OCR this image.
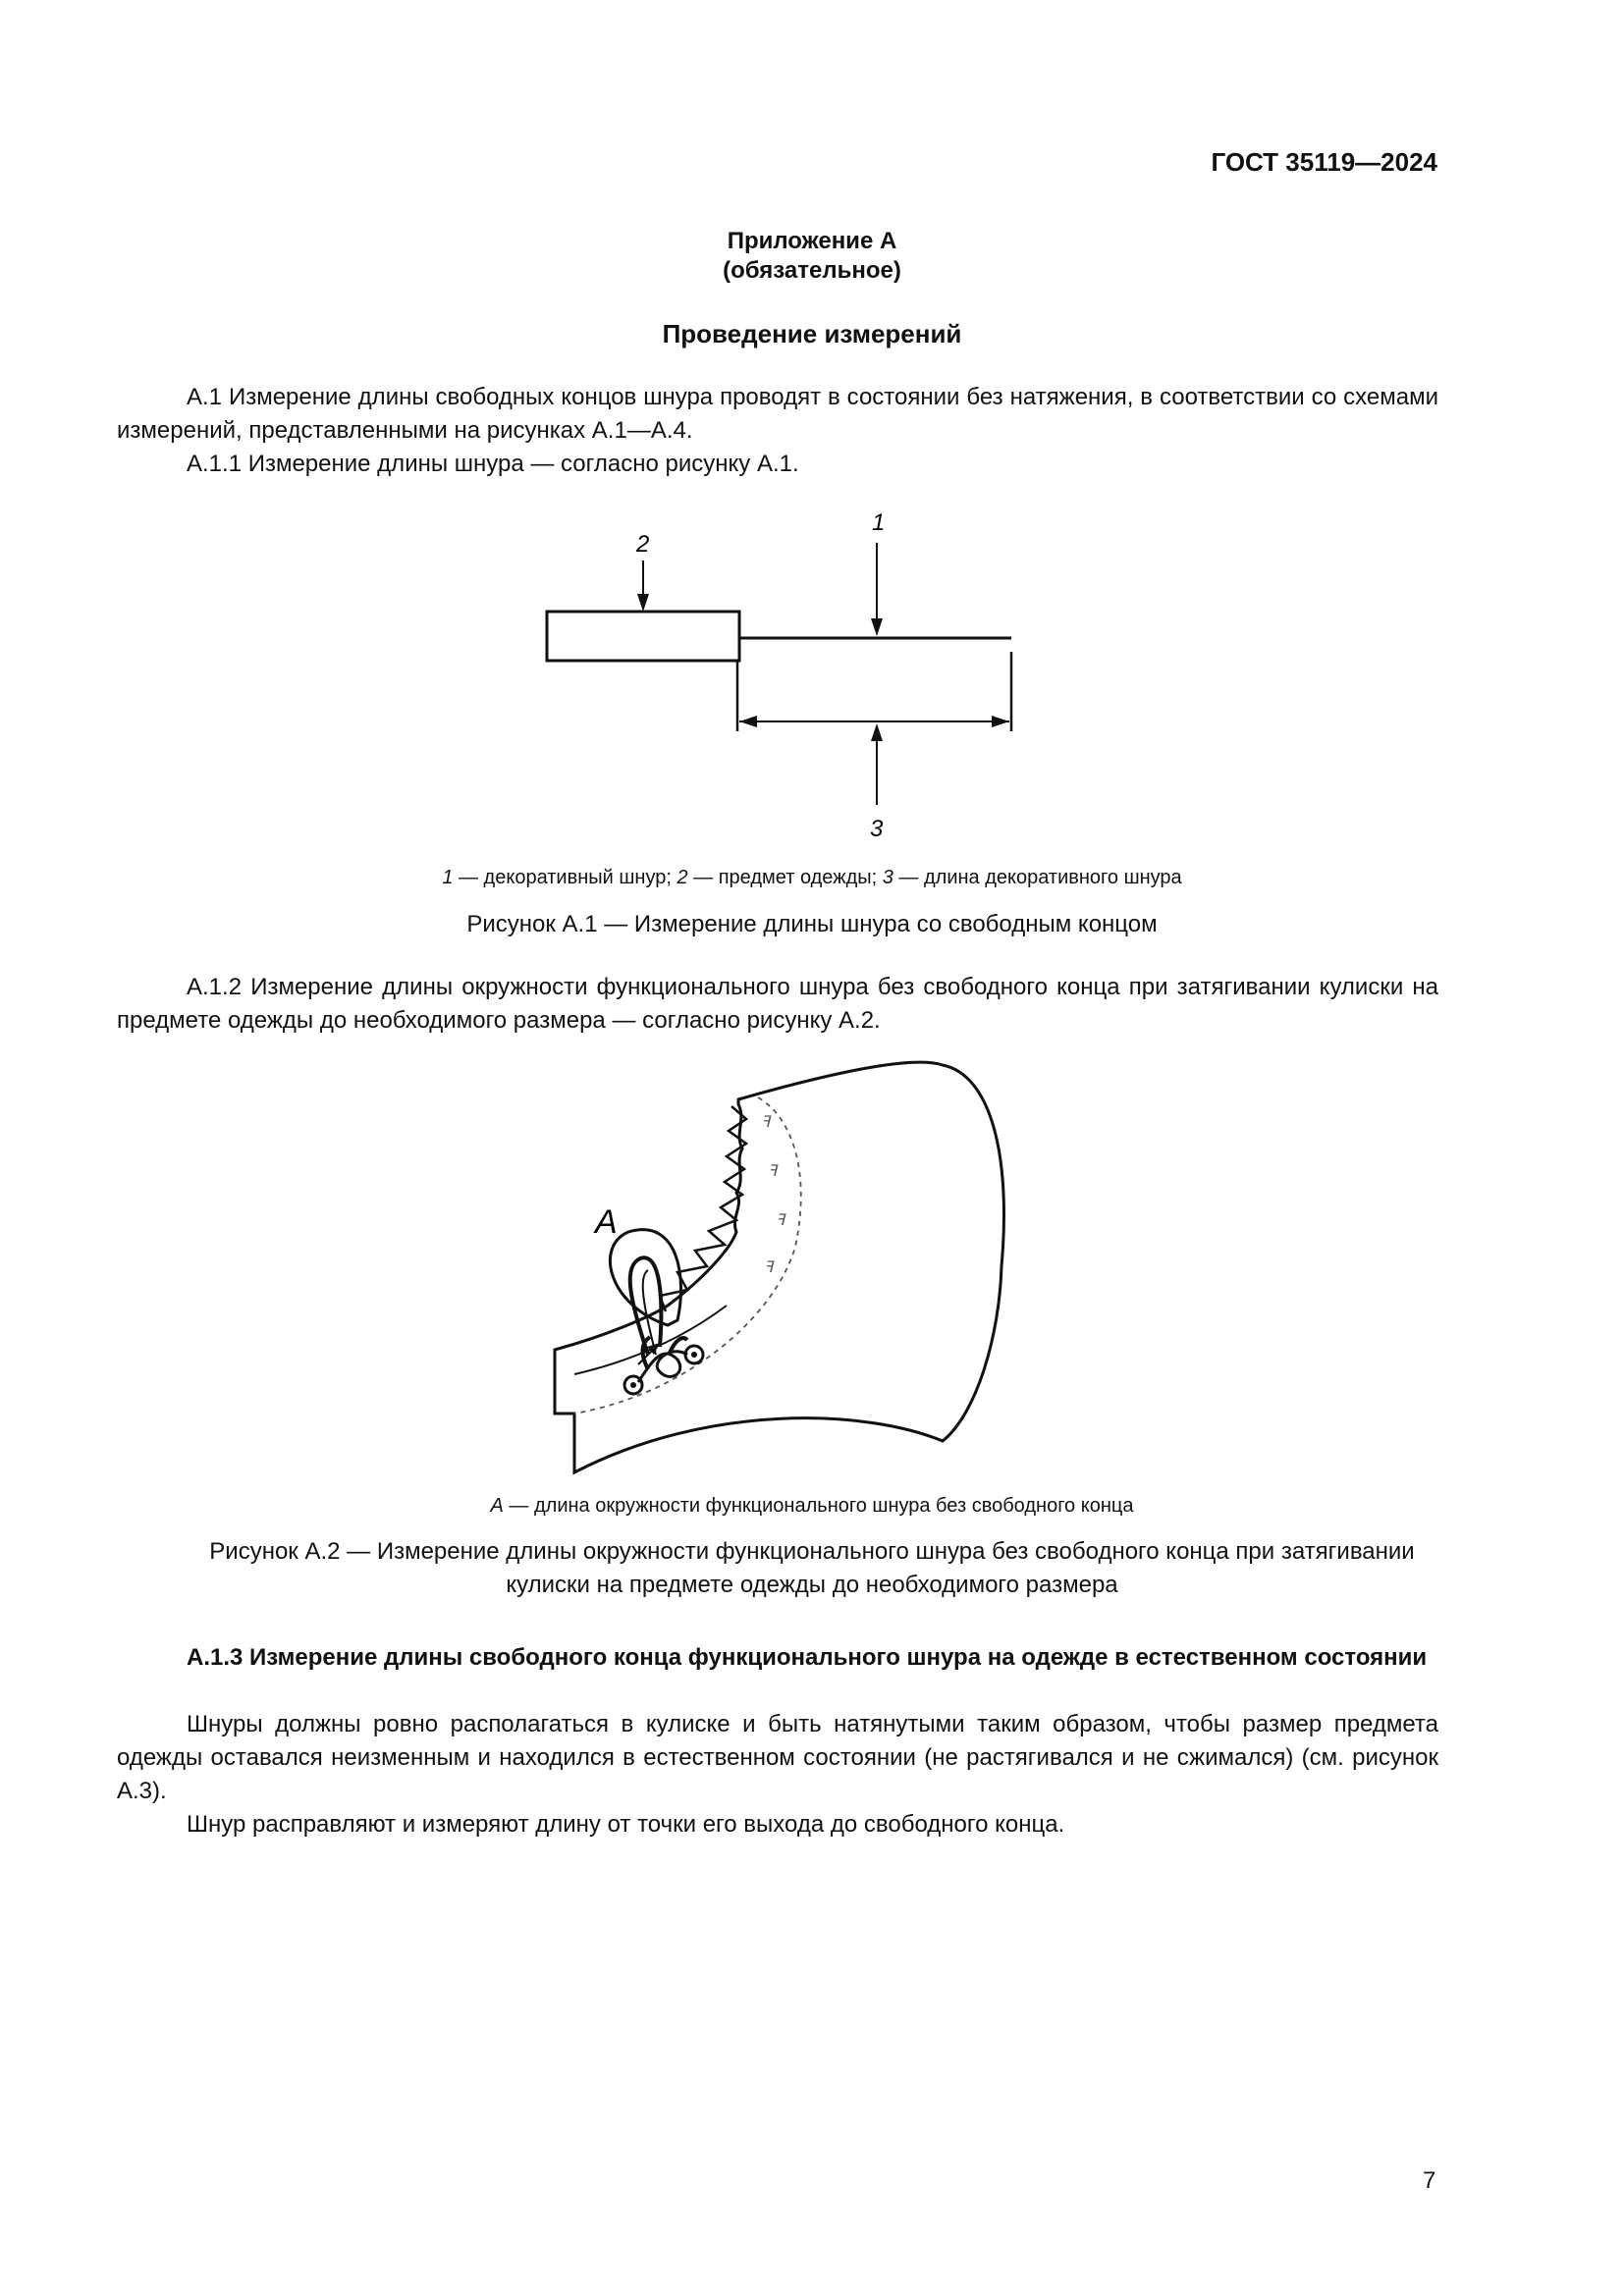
ГОСТ 35119—2024
Приложение А
(обязательное)
Проведение измерений
А.1 Измерение длины свободных концов шнура проводят в состоянии без натяжения, в соответствии со схемами измерений, представленными на рисунках А.1—А.4.
А.1.1 Измерение длины шнура — согласно рисунку А.1.
1
2
3
1 — декоративный шнур; 2 — предмет одежды; 3 — длина декоративного шнура
Рисунок А.1 — Измерение длины шнура со свободным концом
А.1.2 Измерение длины окружности функционального шнура без свободного конца при затягивании кулиски на предмете одежды до необходимого размера — согласно рисунку А.2.
ꟻ
ꟻ
ꟻ
ꟻ
А
А — длина окружности функционального шнура без свободного конца
Рисунок А.2 — Измерение длины окружности функционального шнура без свободного конца при затягивании
кулиски на предмете одежды до необходимого размера
А.1.3 Измерение длины свободного конца функционального шнура на одежде в естественном состоянии
Шнуры должны ровно располагаться в кулиске и быть натянутыми таким образом, чтобы размер предмета одежды оставался неизменным и находился в естественном состоянии (не растягивался и не сжимался) (см. рисунок А.3).
Шнур расправляют и измеряют длину от точки его выхода до свободного конца.
7
